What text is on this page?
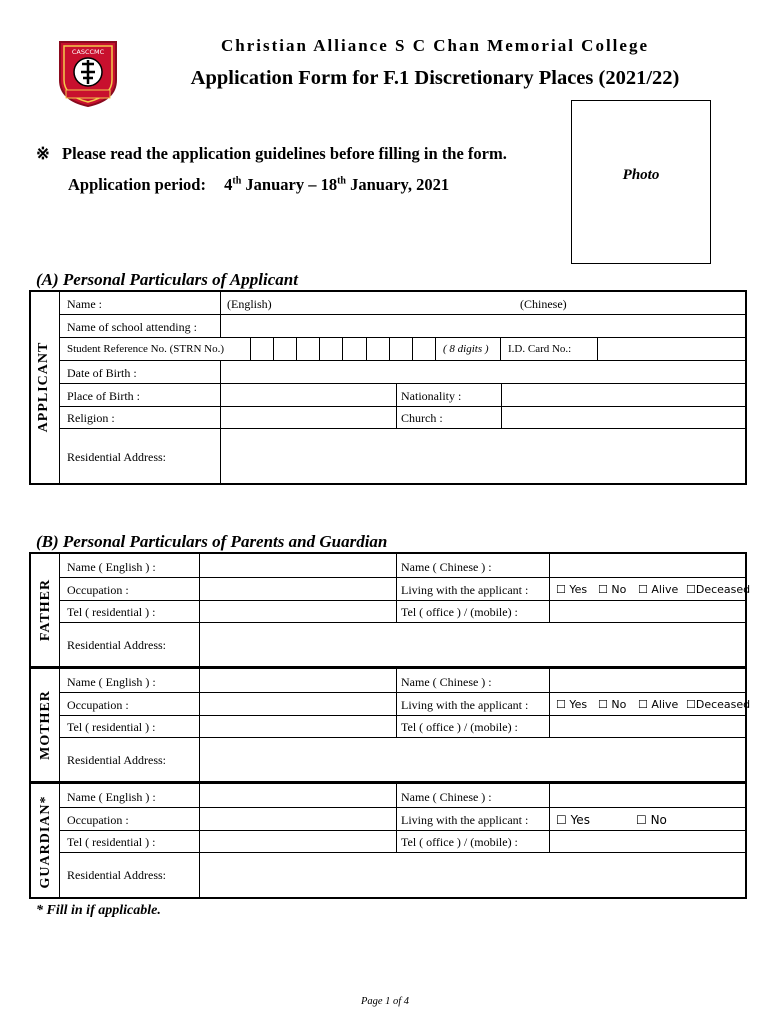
CASCCMC	Christian Alliance S C Chan Memorial College
Application Form for F.1 Discretionary Places (2021/22)
Photo
※ Please read the application guidelines before filling in the form.
Application period: 4th January – 18th January, 2021
(A) Personal Particulars of Applicant
APPLICANT
Name :	(English)	(Chinese)
Name of school attending :
Student Reference No. (STRN No.)	( 8 digits ) I.D. Card No.:
Date of Birth :
Place of Birth :	Nationality :
Religion :	Church :
Residential Address:
(B) Personal Particulars of Parents and Guardian
FATHER
Name ( English ) :	Name ( Chinese ) :
Occupation :	Living with the applicant :	☐ Yes ☐ No ☐ Alive ☐Deceased
Tel ( residential ) :	Tel ( office ) / (mobile) :
Residential Address:
MOTHER
Name ( English ) :	Name ( Chinese ) :
Occupation :	Living with the applicant :	☐ Yes ☐ No ☐ Alive ☐Deceased
Tel ( residential ) :	Tel ( office ) / (mobile) :
Residential Address:
GUARDIAN* Name ( English ) :	Name ( Chinese ) :
Occupation :	Living with the applicant : ☐ Yes	☐ No
Tel ( residential ) :	Tel ( office ) / (mobile) :
Residential Address:
* Fill in if applicable.
Page 1 of 4
